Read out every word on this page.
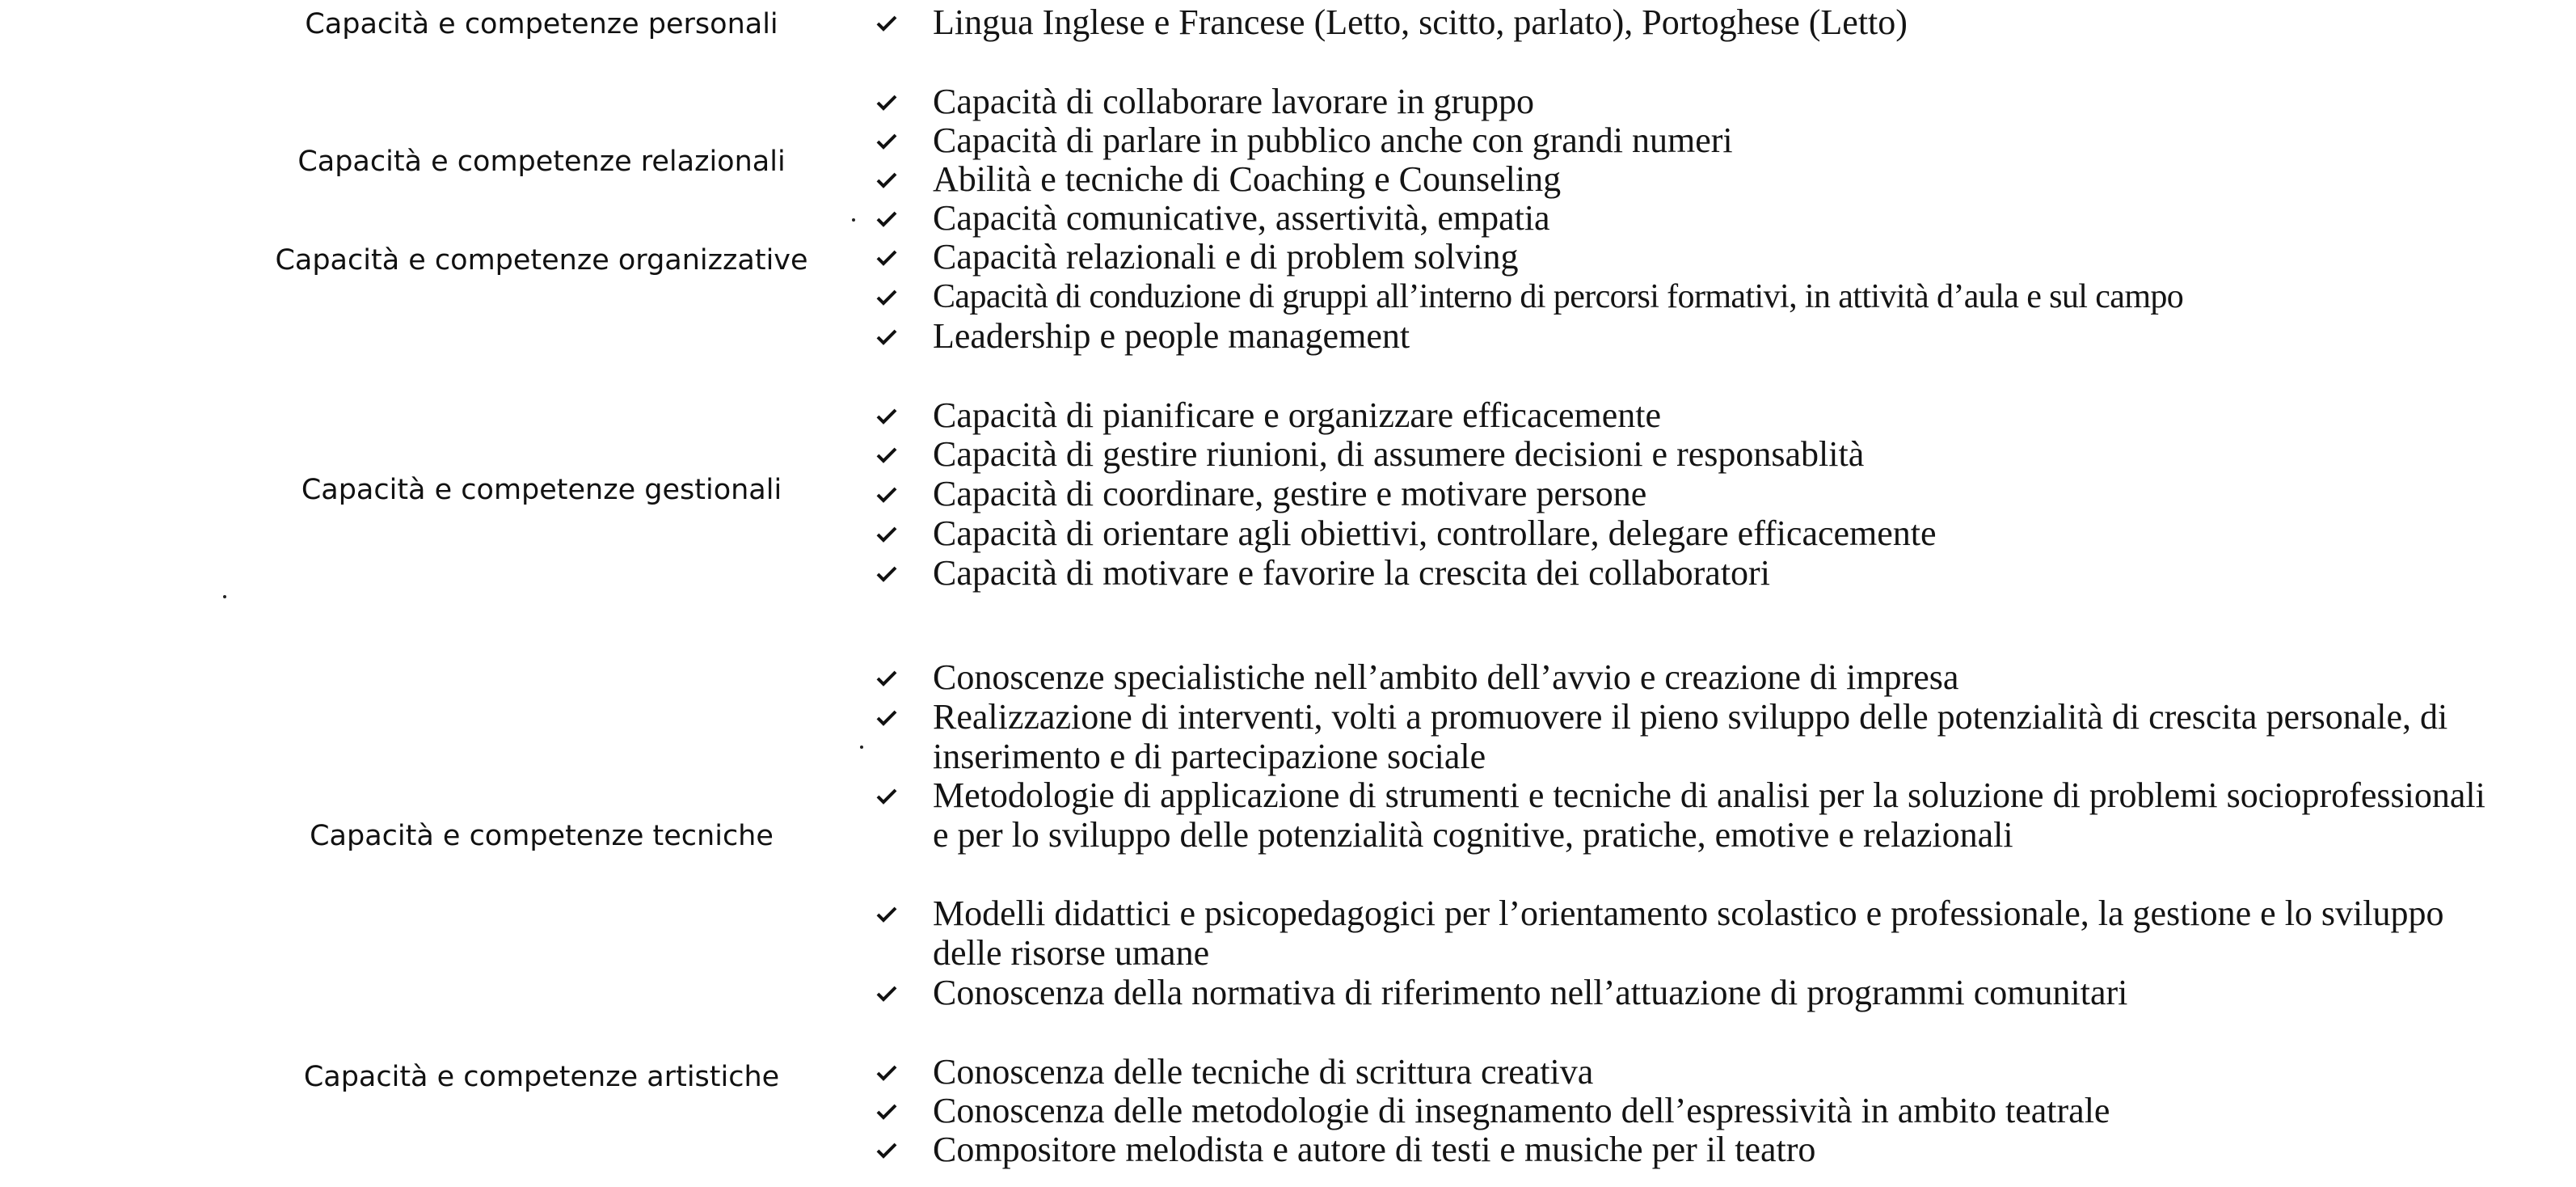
Capacità e competenze personali
Capacità e competenze relazionali
Capacità e competenze organizzative
Capacità e competenze gestionali
Capacità e competenze tecniche
Capacità e competenze artistiche
Lingua Inglese e Francese (Letto, scitto, parlato), Portoghese (Letto)
Capacità di collaborare lavorare in gruppo
Capacità di parlare in pubblico anche con grandi numeri
Abilità e tecniche di Coaching e Counseling
Capacità comunicative, assertività, empatia
Capacità relazionali e di problem solving
Capacità di conduzione di gruppi all’interno di percorsi formativi, in attività d’aula e sul campo
Leadership e people management
Capacità di pianificare e organizzare efficacemente
Capacità di gestire riunioni, di assumere decisioni e responsablità
Capacità di coordinare, gestire e motivare persone
Capacità di orientare agli obiettivi, controllare, delegare efficacemente
Capacità di motivare e favorire la crescita dei collaboratori
Conoscenze specialistiche nell’ambito dell’avvio e creazione di impresa
Realizzazione di interventi, volti a promuovere il pieno sviluppo delle potenzialità di crescita personale, di inserimento e di partecipazione sociale
Metodologie di applicazione di strumenti e tecniche di analisi per la soluzione di problemi socioprofessionali e per lo sviluppo delle potenzialità cognitive, pratiche, emotive e relazionali
Modelli didattici e psicopedagogici per l’orientamento scolastico e professionale, la gestione e lo sviluppo delle risorse umane
Conoscenza della normativa di riferimento nell’attuazione di programmi comunitari
Conoscenza delle tecniche di scrittura creativa
Conoscenza delle metodologie di insegnamento dell’espressività in ambito teatrale
Compositore melodista e autore di testi e musiche per il teatro
